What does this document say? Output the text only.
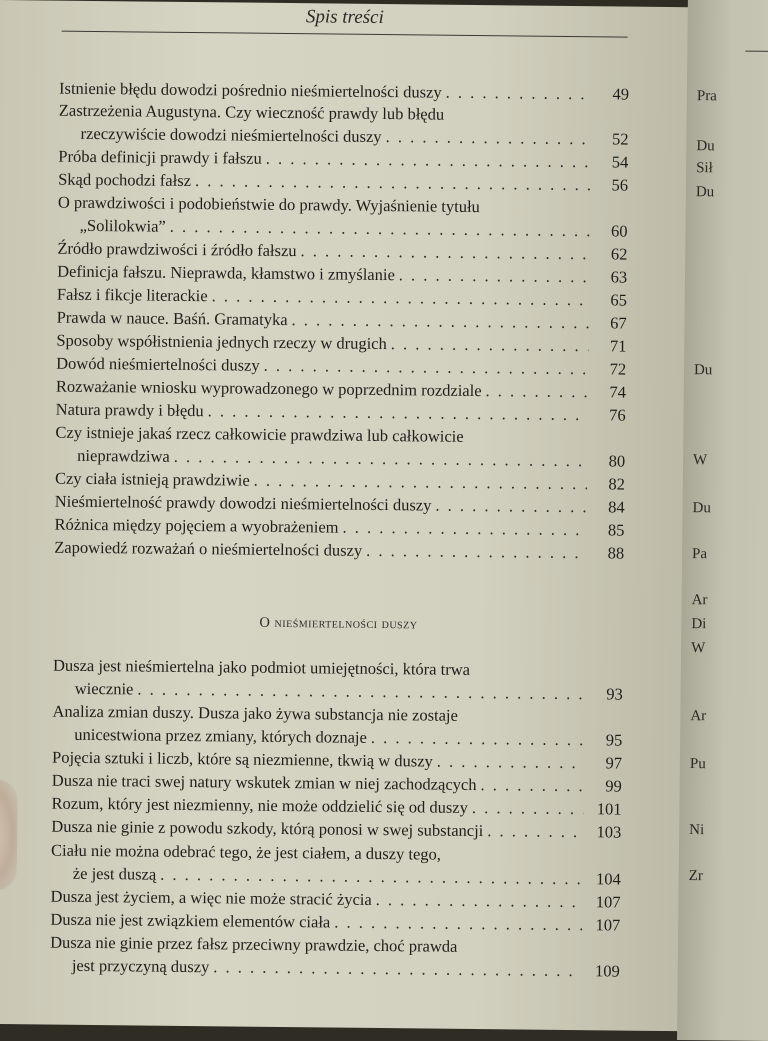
Spis treści
Istnienie błędu dowodzi pośrednio nieśmiertelności duszy . . .	49
Zastrzeżenia Augustyna. Czy wieczność prawdy lub błędu
rzeczywiście dowodzi nieśmiertelności duszy . . .	52
Próba definicji prawdy i fałszu . . .	54
Skąd pochodzi fałsz . . .	56
O prawdziwości i podobieństwie do prawdy. Wyjaśnienie tytułu
„Solilokwia” . . .	60
Źródło prawdziwości i źródło fałszu . . .	62
Definicja fałszu. Nieprawda, kłamstwo i zmyślanie . . .	63
Fałsz i fikcje literackie . . .	65
Prawda w nauce. Baśń. Gramatyka . . .	67
Sposoby współistnienia jednych rzeczy w drugich . . .	71
Dowód nieśmiertelności duszy . . .	72
Rozważanie wniosku wyprowadzonego w poprzednim rozdziale . . .	74
Natura prawdy i błędu . . .	76
Czy istnieje jakaś rzecz całkowicie prawdziwa lub całkowicie
nieprawdziwa . . .	80
Czy ciała istnieją prawdziwie . . .	82
Nieśmiertelność prawdy dowodzi nieśmiertelności duszy . . .	84
Różnica między pojęciem a wyobrażeniem . . .	85
Zapowiedź rozważań o nieśmiertelności duszy . . .	88
O nieśmiertelności duszy
Dusza jest nieśmiertelna jako podmiot umiejętności, która trwa
wiecznie . . .	93
Analiza zmian duszy. Dusza jako żywa substancja nie zostaje
unicestwiona przez zmiany, których doznaje . . .	95
Pojęcia sztuki i liczb, które są niezmienne, tkwią w duszy . . .	97
Dusza nie traci swej natury wskutek zmian w niej zachodzących . . .	99
Rozum, który jest niezmienny, nie może oddzielić się od duszy . . .	101
Dusza nie ginie z powodu szkody, którą ponosi w swej substancji . . .	103
Ciału nie można odebrać tego, że jest ciałem, a duszy tego,
że jest duszą . . .	104
Dusza jest życiem, a więc nie może stracić życia . . .	107
Dusza nie jest związkiem elementów ciała . . .	107
Dusza nie ginie przez fałsz przeciwny prawdzie, choć prawda
jest przyczyną duszy . . .	109
Pra
Du
Sił
Du
Du
W
Du
Pa
Ar
Di
W
Ar
Pu
Ni
Zr
